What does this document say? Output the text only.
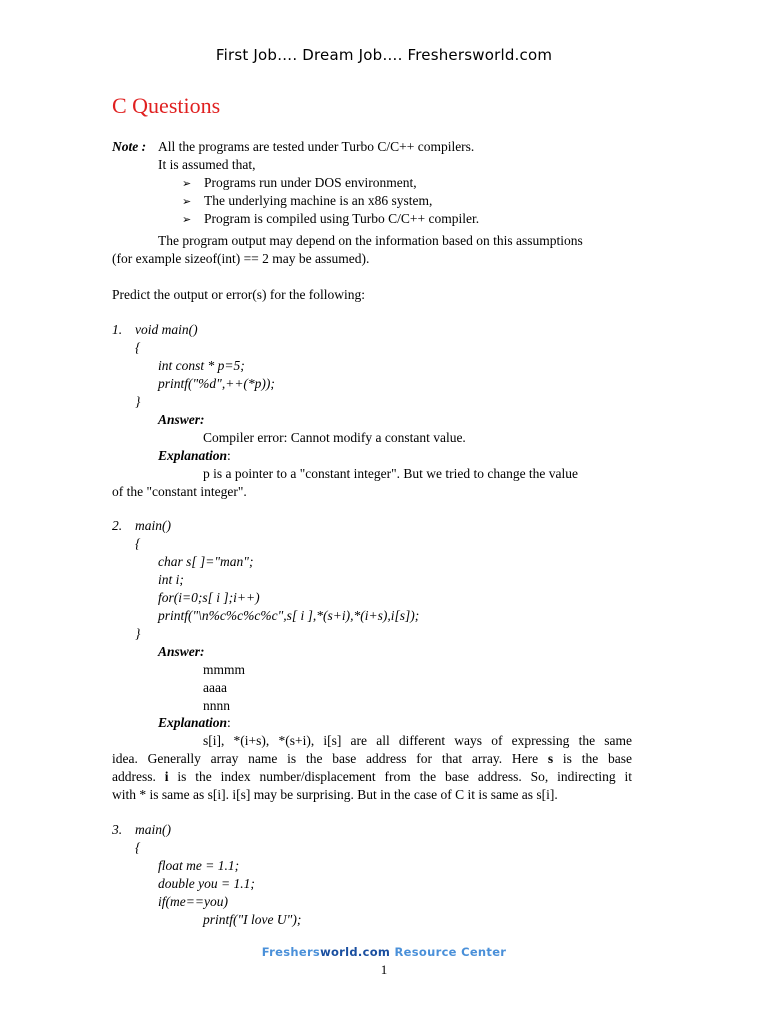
First Job…. Dream Job…. Freshersworld.com
C Questions
Note : All the programs are tested under Turbo C/C++ compilers.
It is assumed that,
➢ Programs run under DOS environment,
➢ The underlying machine is an x86 system,
➢ Program is compiled using Turbo C/C++ compiler.
The program output may depend on the information based on this assumptions
(for example sizeof(int) == 2 may be assumed).
Predict the output or error(s) for the following:
1. void main()
{
int const * p=5;
printf("%d",++(*p));
}
Answer:
Compiler error: Cannot modify a constant value.
Explanation:
p is a pointer to a "constant integer". But we tried to change the value
of the "constant integer".
2. main()
{
char s[ ]="man";
int i;
for(i=0;s[ i ];i++)
printf("\n%c%c%c%c",s[ i ],*(s+i),*(i+s),i[s]);
}
Answer:
mmmm
aaaa
nnnn
Explanation:
s[i], *(i+s), *(s+i), i[s] are all different ways of expressing the same
idea. Generally array name is the base address for that array. Here s is the base
address. i is the index number/displacement from the base address. So, indirecting it
with * is same as s[i]. i[s] may be surprising. But in the case of C it is same as s[i].
3. main()
{
float me = 1.1;
double you = 1.1;
if(me==you)
printf("I love U");
Freshersworld.com Resource Center
1
